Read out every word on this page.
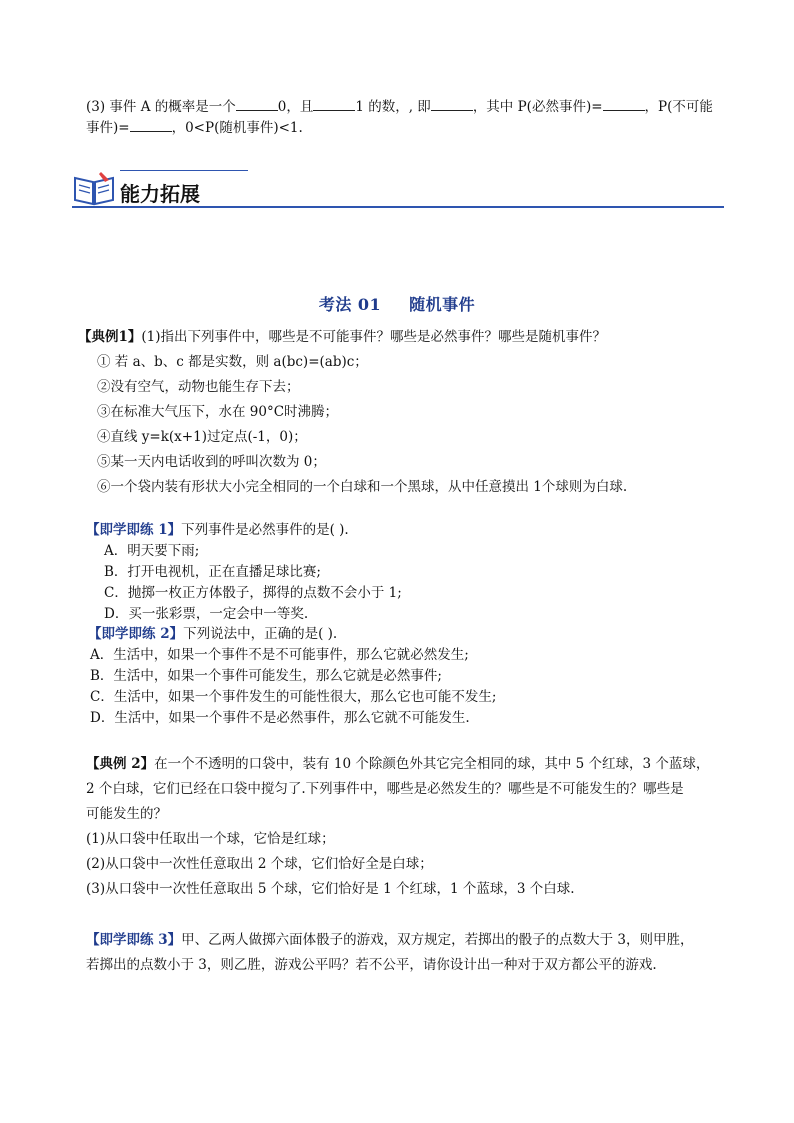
(3) 事件 A 的概率是一个	0，且	1 的数，, 即	，其中 P(必然事件)=	，P(不可能
事件)=	，0<P(随机事件)<1.
能力拓展
考法 01 随机事件
【典例1】(1)指出下列事件中，哪些是不可能事件？哪些是必然事件？哪些是随机事件？
① 若 a、b、c 都是实数，则 a(bc)=(ab)c；
②没有空气，动物也能生存下去；
③在标准大气压下，水在 90°C时沸腾；
④直线 y=k(x+1)过定点(-1，0)；
⑤某一天内电话收到的呼叫次数为 0；
⑥一个袋内装有形状大小完全相同的一个白球和一个黑球，从中任意摸出 1个球则为白球.
【即学即练 1】下列事件是必然事件的是( ).
A．明天要下雨;
B．打开电视机，正在直播足球比赛;
C．抛掷一枚正方体骰子，掷得的点数不会小于 1;
D．买一张彩票，一定会中一等奖.
【即学即练 2】下列说法中，正确的是( ).
A．生活中，如果一个事件不是不可能事件，那么它就必然发生;
B．生活中，如果一个事件可能发生，那么它就是必然事件;
C．生活中，如果一个事件发生的可能性很大，那么它也可能不发生;
D．生活中，如果一个事件不是必然事件，那么它就不可能发生.
【典例 2】在一个不透明的口袋中，装有 10 个除颜色外其它完全相同的球，其中 5 个红球，3 个蓝球，
2 个白球，它们已经在口袋中搅匀了.下列事件中，哪些是必然发生的？哪些是不可能发生的？哪些是
可能发生的？
(1)从口袋中任取出一个球，它恰是红球；
(2)从口袋中一次性任意取出 2 个球，它们恰好全是白球；
(3)从口袋中一次性任意取出 5 个球，它们恰好是 1 个红球，1 个蓝球，3 个白球.
【即学即练 3】甲、乙两人做掷六面体骰子的游戏，双方规定，若掷出的骰子的点数大于 3，则甲胜，
若掷出的点数小于 3，则乙胜，游戏公平吗？若不公平，请你设计出一种对于双方都公平的游戏.
